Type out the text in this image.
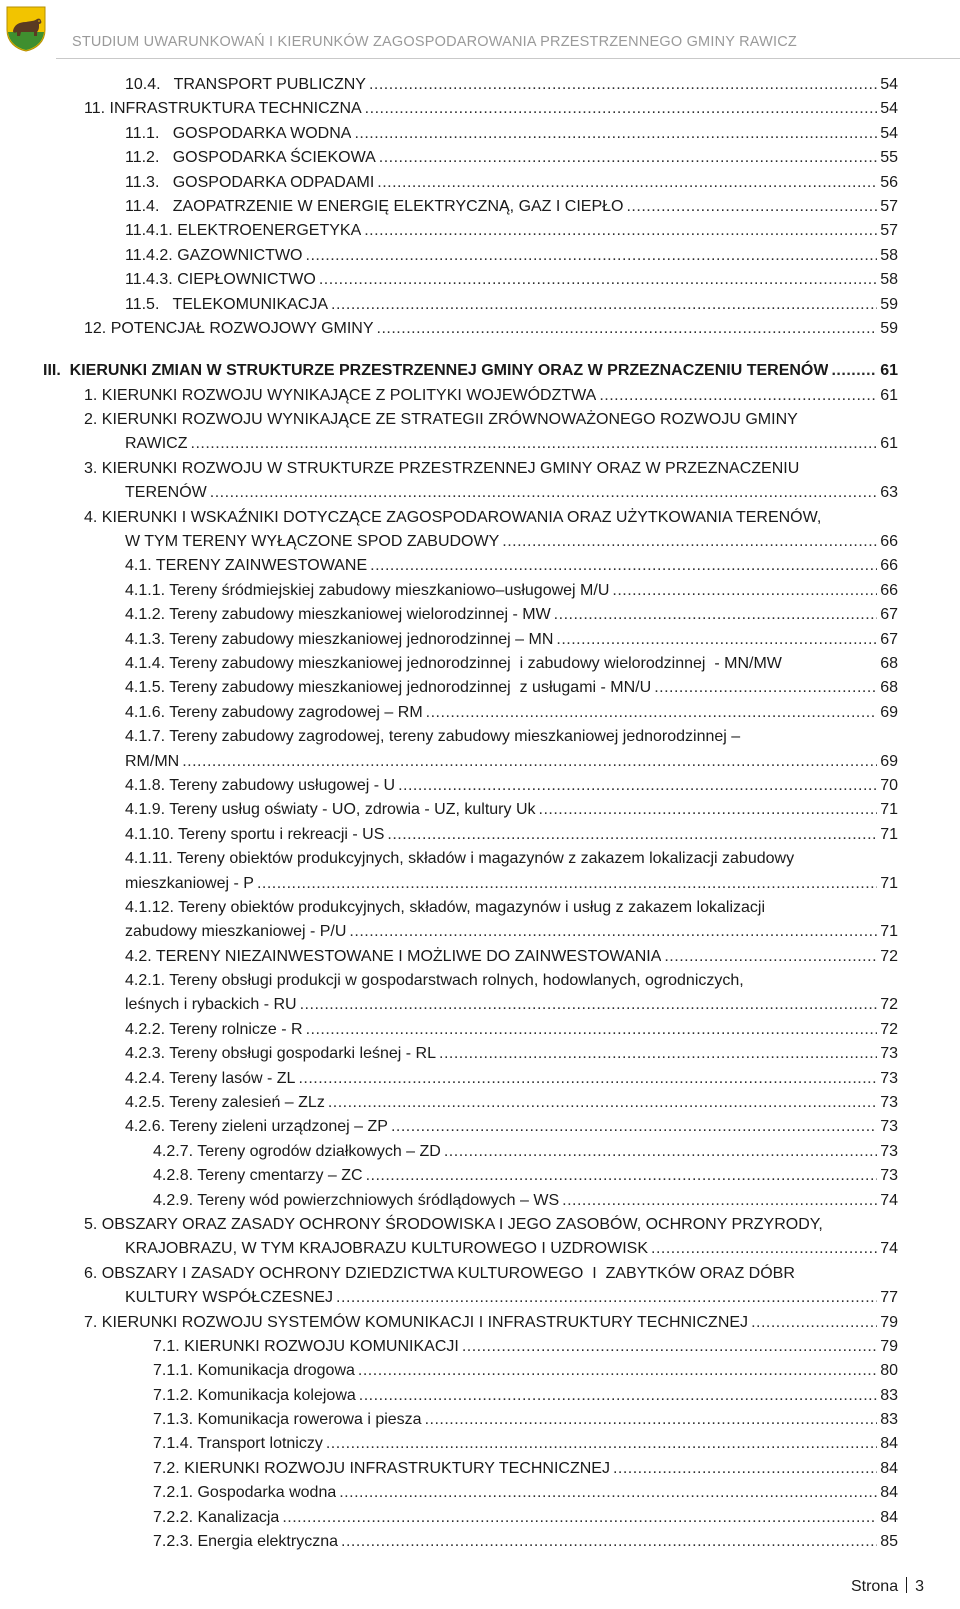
STUDIUM UWARUNKOWAŃ I KIERUNKÓW ZAGOSPODAROWANIA PRZESTRZENNEGO GMINY RAWICZ
10.4.   TRANSPORT PUBLICZNY .....	54
11. INFRASTRUKTURA TECHNICZNA .....	54
11.1.   GOSPODARKA WODNA .....	54
11.2.   GOSPODARKA ŚCIEKOWA .....	55
11.3.   GOSPODARKA ODPADAMI .....	56
11.4.   ZAOPATRZENIE W ENERGIĘ ELEKTRYCZNĄ, GAZ I CIEPŁO .....	57
11.4.1. ELEKTROENERGETYKA .....	57
11.4.2. GAZOWNICTWO .....	58
11.4.3. CIEPŁOWNICTWO .....	58
11.5.   TELEKOMUNIKACJA .....	59
12. POTENCJAŁ ROZWOJOWY GMINY .....	59
III.  KIERUNKI ZMIAN W STRUKTURZE PRZESTRZENNEJ GMINY ORAZ W PRZEZNACZENIU TERENÓW .....	61
1. KIERUNKI ROZWOJU WYNIKAJĄCE Z POLITYKI WOJEWÓDZTWA .....	61
2. KIERUNKI ROZWOJU WYNIKAJĄCE ZE STRATEGII ZRÓWNOWAŻONEGO ROZWOJU GMINY
RAWICZ .....	61
3. KIERUNKI ROZWOJU W STRUKTURZE PRZESTRZENNEJ GMINY ORAZ W PRZEZNACZENIU
TERENÓW .....	63
4. KIERUNKI I WSKAŹNIKI DOTYCZĄCE ZAGOSPODAROWANIA ORAZ UŻYTKOWANIA TERENÓW,
W TYM TERENY WYŁĄCZONE SPOD ZABUDOWY .....	66
4.1. TERENY ZAINWESTOWANE .....	66
4.1.1. Tereny śródmiejskiej zabudowy mieszkaniowo–usługowej M/U .....	66
4.1.2. Tereny zabudowy mieszkaniowej wielorodzinnej - MW .....	67
4.1.3. Tereny zabudowy mieszkaniowej jednorodzinnej – MN .....	67
4.1.4. Tereny zabudowy mieszkaniowej jednorodzinnej  i zabudowy wielorodzinnej  - MN/MW	68
4.1.5. Tereny zabudowy mieszkaniowej jednorodzinnej  z usługami - MN/U .....	68
4.1.6. Tereny zabudowy zagrodowej – RM .....	69
4.1.7. Tereny zabudowy zagrodowej, tereny zabudowy mieszkaniowej jednorodzinnej –
RM/MN .....	69
4.1.8. Tereny zabudowy usługowej - U .....	70
4.1.9. Tereny usług oświaty - UO, zdrowia - UZ, kultury Uk .....	71
4.1.10. Tereny sportu i rekreacji - US .....	71
4.1.11. Tereny obiektów produkcyjnych, składów i magazynów z zakazem lokalizacji zabudowy
mieszkaniowej - P .....	71
4.1.12. Tereny obiektów produkcyjnych, składów, magazynów i usług z zakazem lokalizacji
zabudowy mieszkaniowej - P/U .....	71
4.2. TERENY NIEZAINWESTOWANE I MOŻLIWE DO ZAINWESTOWANIA .....	72
4.2.1. Tereny obsługi produkcji w gospodarstwach rolnych, hodowlanych, ogrodniczych,
leśnych i rybackich - RU .....	72
4.2.2. Tereny rolnicze - R .....	72
4.2.3. Tereny obsługi gospodarki leśnej - RL .....	73
4.2.4. Tereny lasów - ZL .....	73
4.2.5. Tereny zalesień – ZLz .....	73
4.2.6. Tereny zieleni urządzonej – ZP .....	73
4.2.7. Tereny ogrodów działkowych – ZD .....	73
4.2.8. Tereny cmentarzy – ZC .....	73
4.2.9. Tereny wód powierzchniowych śródlądowych – WS .....	74
5. OBSZARY ORAZ ZASADY OCHRONY ŚRODOWISKA I JEGO ZASOBÓW, OCHRONY PRZYRODY,
KRAJOBRAZU, W TYM KRAJOBRAZU KULTUROWEGO I UZDROWISK .....	74
6. OBSZARY I ZASADY OCHRONY DZIEDZICTWA KULTUROWEGO  I  ZABYTKÓW ORAZ DÓBR
KULTURY WSPÓŁCZESNEJ .....	77
7. KIERUNKI ROZWOJU SYSTEMÓW KOMUNIKACJI I INFRASTRUKTURY TECHNICZNEJ .....	79
7.1. KIERUNKI ROZWOJU KOMUNIKACJI .....	79
7.1.1. Komunikacja drogowa .....	80
7.1.2. Komunikacja kolejowa .....	83
7.1.3. Komunikacja rowerowa i piesza .....	83
7.1.4. Transport lotniczy .....	84
7.2. KIERUNKI ROZWOJU INFRASTRUKTURY TECHNICZNEJ .....	84
7.2.1. Gospodarka wodna .....	84
7.2.2. Kanalizacja .....	84
7.2.3. Energia elektryczna .....	85
Strona 3
